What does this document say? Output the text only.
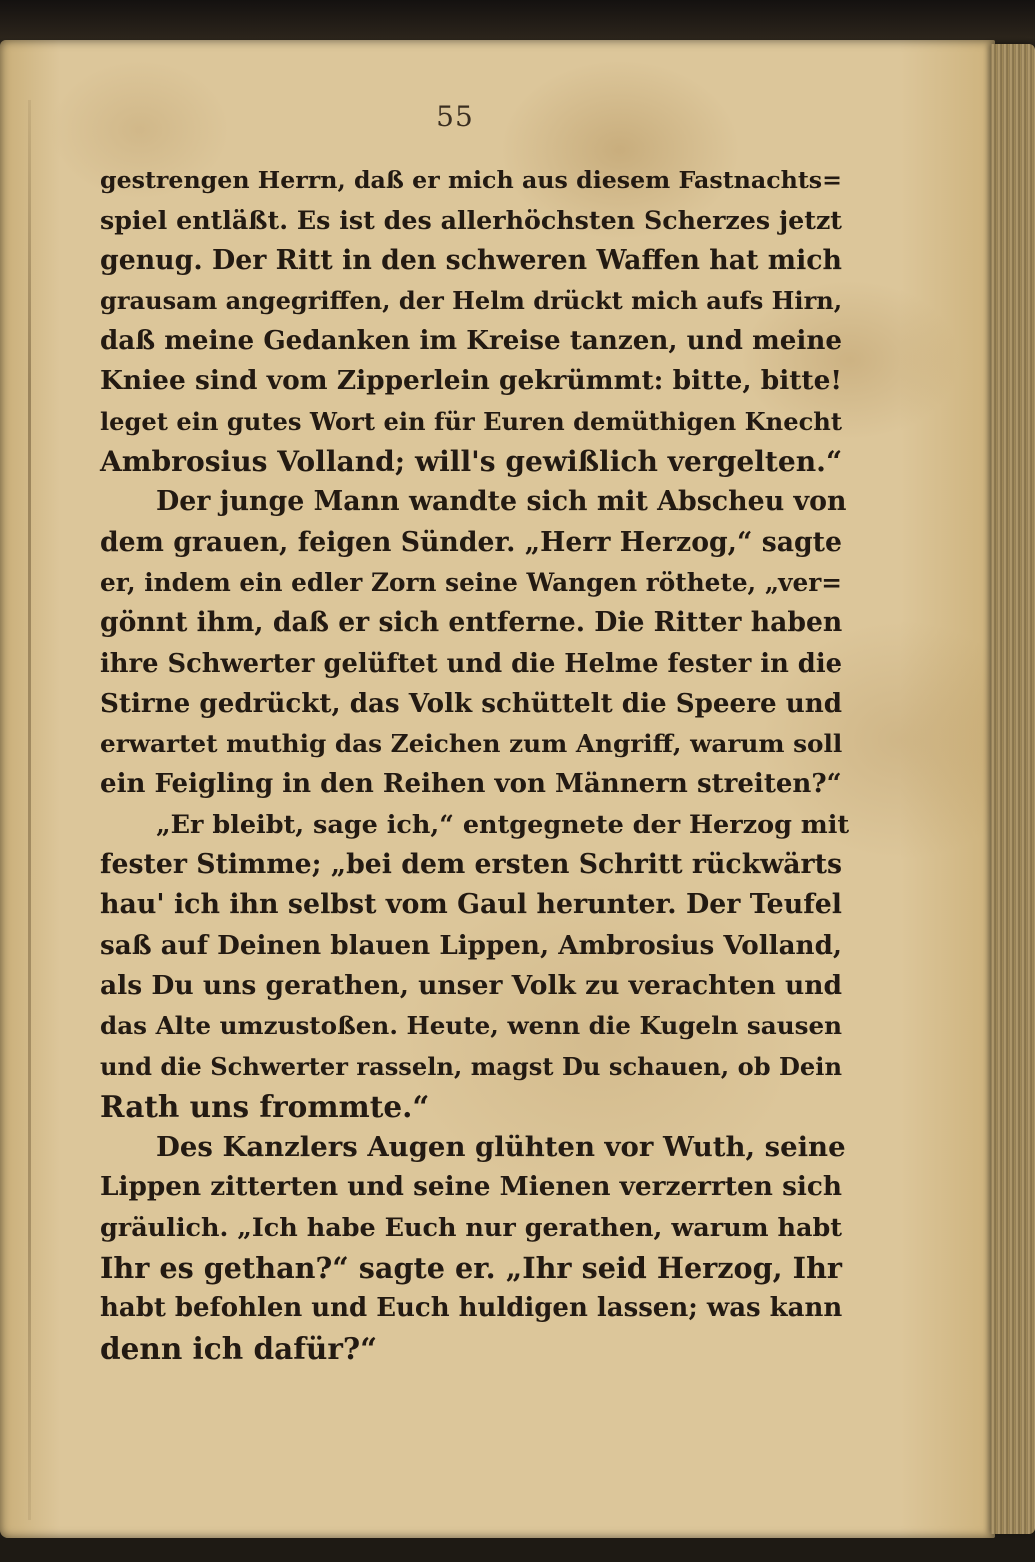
55

gestrengen Herrn, daß er mich aus diesem Fastnachts=
spiel entläßt. Es ist des allerhöchsten Scherzes jetzt
genug. Der Ritt in den schweren Waffen hat mich
grausam angegriffen, der Helm drückt mich aufs Hirn,
daß meine Gedanken im Kreise tanzen, und meine
Kniee sind vom Zipperlein gekrümmt: bitte, bitte!
leget ein gutes Wort ein für Euren demüthigen Knecht
Ambrosius Volland; will's gewißlich vergelten.“
Der junge Mann wandte sich mit Abscheu von
dem grauen, feigen Sünder. „Herr Herzog,“ sagte
er, indem ein edler Zorn seine Wangen röthete, „ver=
gönnt ihm, daß er sich entferne. Die Ritter haben
ihre Schwerter gelüftet und die Helme fester in die
Stirne gedrückt, das Volk schüttelt die Speere und
erwartet muthig das Zeichen zum Angriff, warum soll
ein Feigling in den Reihen von Männern streiten?“
„Er bleibt, sage ich,“ entgegnete der Herzog mit
fester Stimme; „bei dem ersten Schritt rückwärts
hau' ich ihn selbst vom Gaul herunter. Der Teufel
saß auf Deinen blauen Lippen, Ambrosius Volland,
als Du uns gerathen, unser Volk zu verachten und
das Alte umzustoßen. Heute, wenn die Kugeln sausen
und die Schwerter rasseln, magst Du schauen, ob Dein
Rath uns frommte.“
Des Kanzlers Augen glühten vor Wuth, seine
Lippen zitterten und seine Mienen verzerrten sich
gräulich. „Ich habe Euch nur gerathen, warum habt
Ihr es gethan?“ sagte er. „Ihr seid Herzog, Ihr
habt befohlen und Euch huldigen lassen; was kann
denn ich dafür?“
